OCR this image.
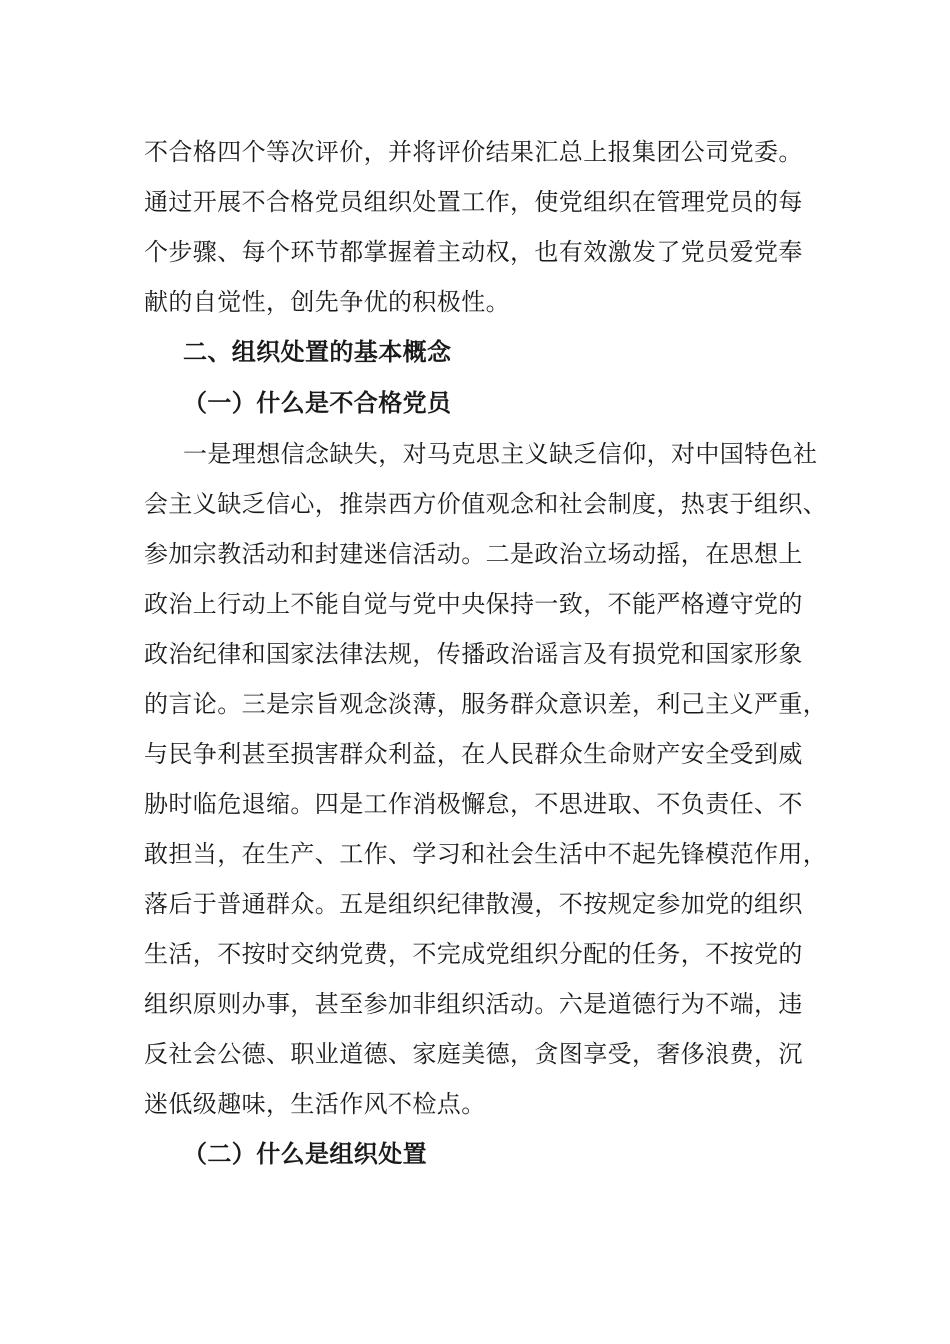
不合格四个等次评价，并将评价结果汇总上报集团公司党委。
通过开展不合格党员组织处置工作，使党组织在管理党员的每
个步骤、每个环节都掌握着主动权，也有效激发了党员爱党奉
献的自觉性，创先争优的积极性。
二、组织处置的基本概念
（一）什么是不合格党员
一是理想信念缺失，对马克思主义缺乏信仰，对中国特色社
会主义缺乏信心，推崇西方价值观念和社会制度，热衷于组织、
参加宗教活动和封建迷信活动。二是政治立场动摇，在思想上
政治上行动上不能自觉与党中央保持一致，不能严格遵守党的
政治纪律和国家法律法规，传播政治谣言及有损党和国家形象
的言论。三是宗旨观念淡薄，服务群众意识差，利己主义严重，
与民争利甚至损害群众利益，在人民群众生命财产安全受到威
胁时临危退缩。四是工作消极懈怠，不思进取、不负责任、不
敢担当，在生产、工作、学习和社会生活中不起先锋模范作用，
落后于普通群众。五是组织纪律散漫，不按规定参加党的组织
生活，不按时交纳党费，不完成党组织分配的任务，不按党的
组织原则办事，甚至参加非组织活动。六是道德行为不端，违
反社会公德、职业道德、家庭美德，贪图享受，奢侈浪费，沉
迷低级趣味，生活作风不检点。
（二）什么是组织处置
